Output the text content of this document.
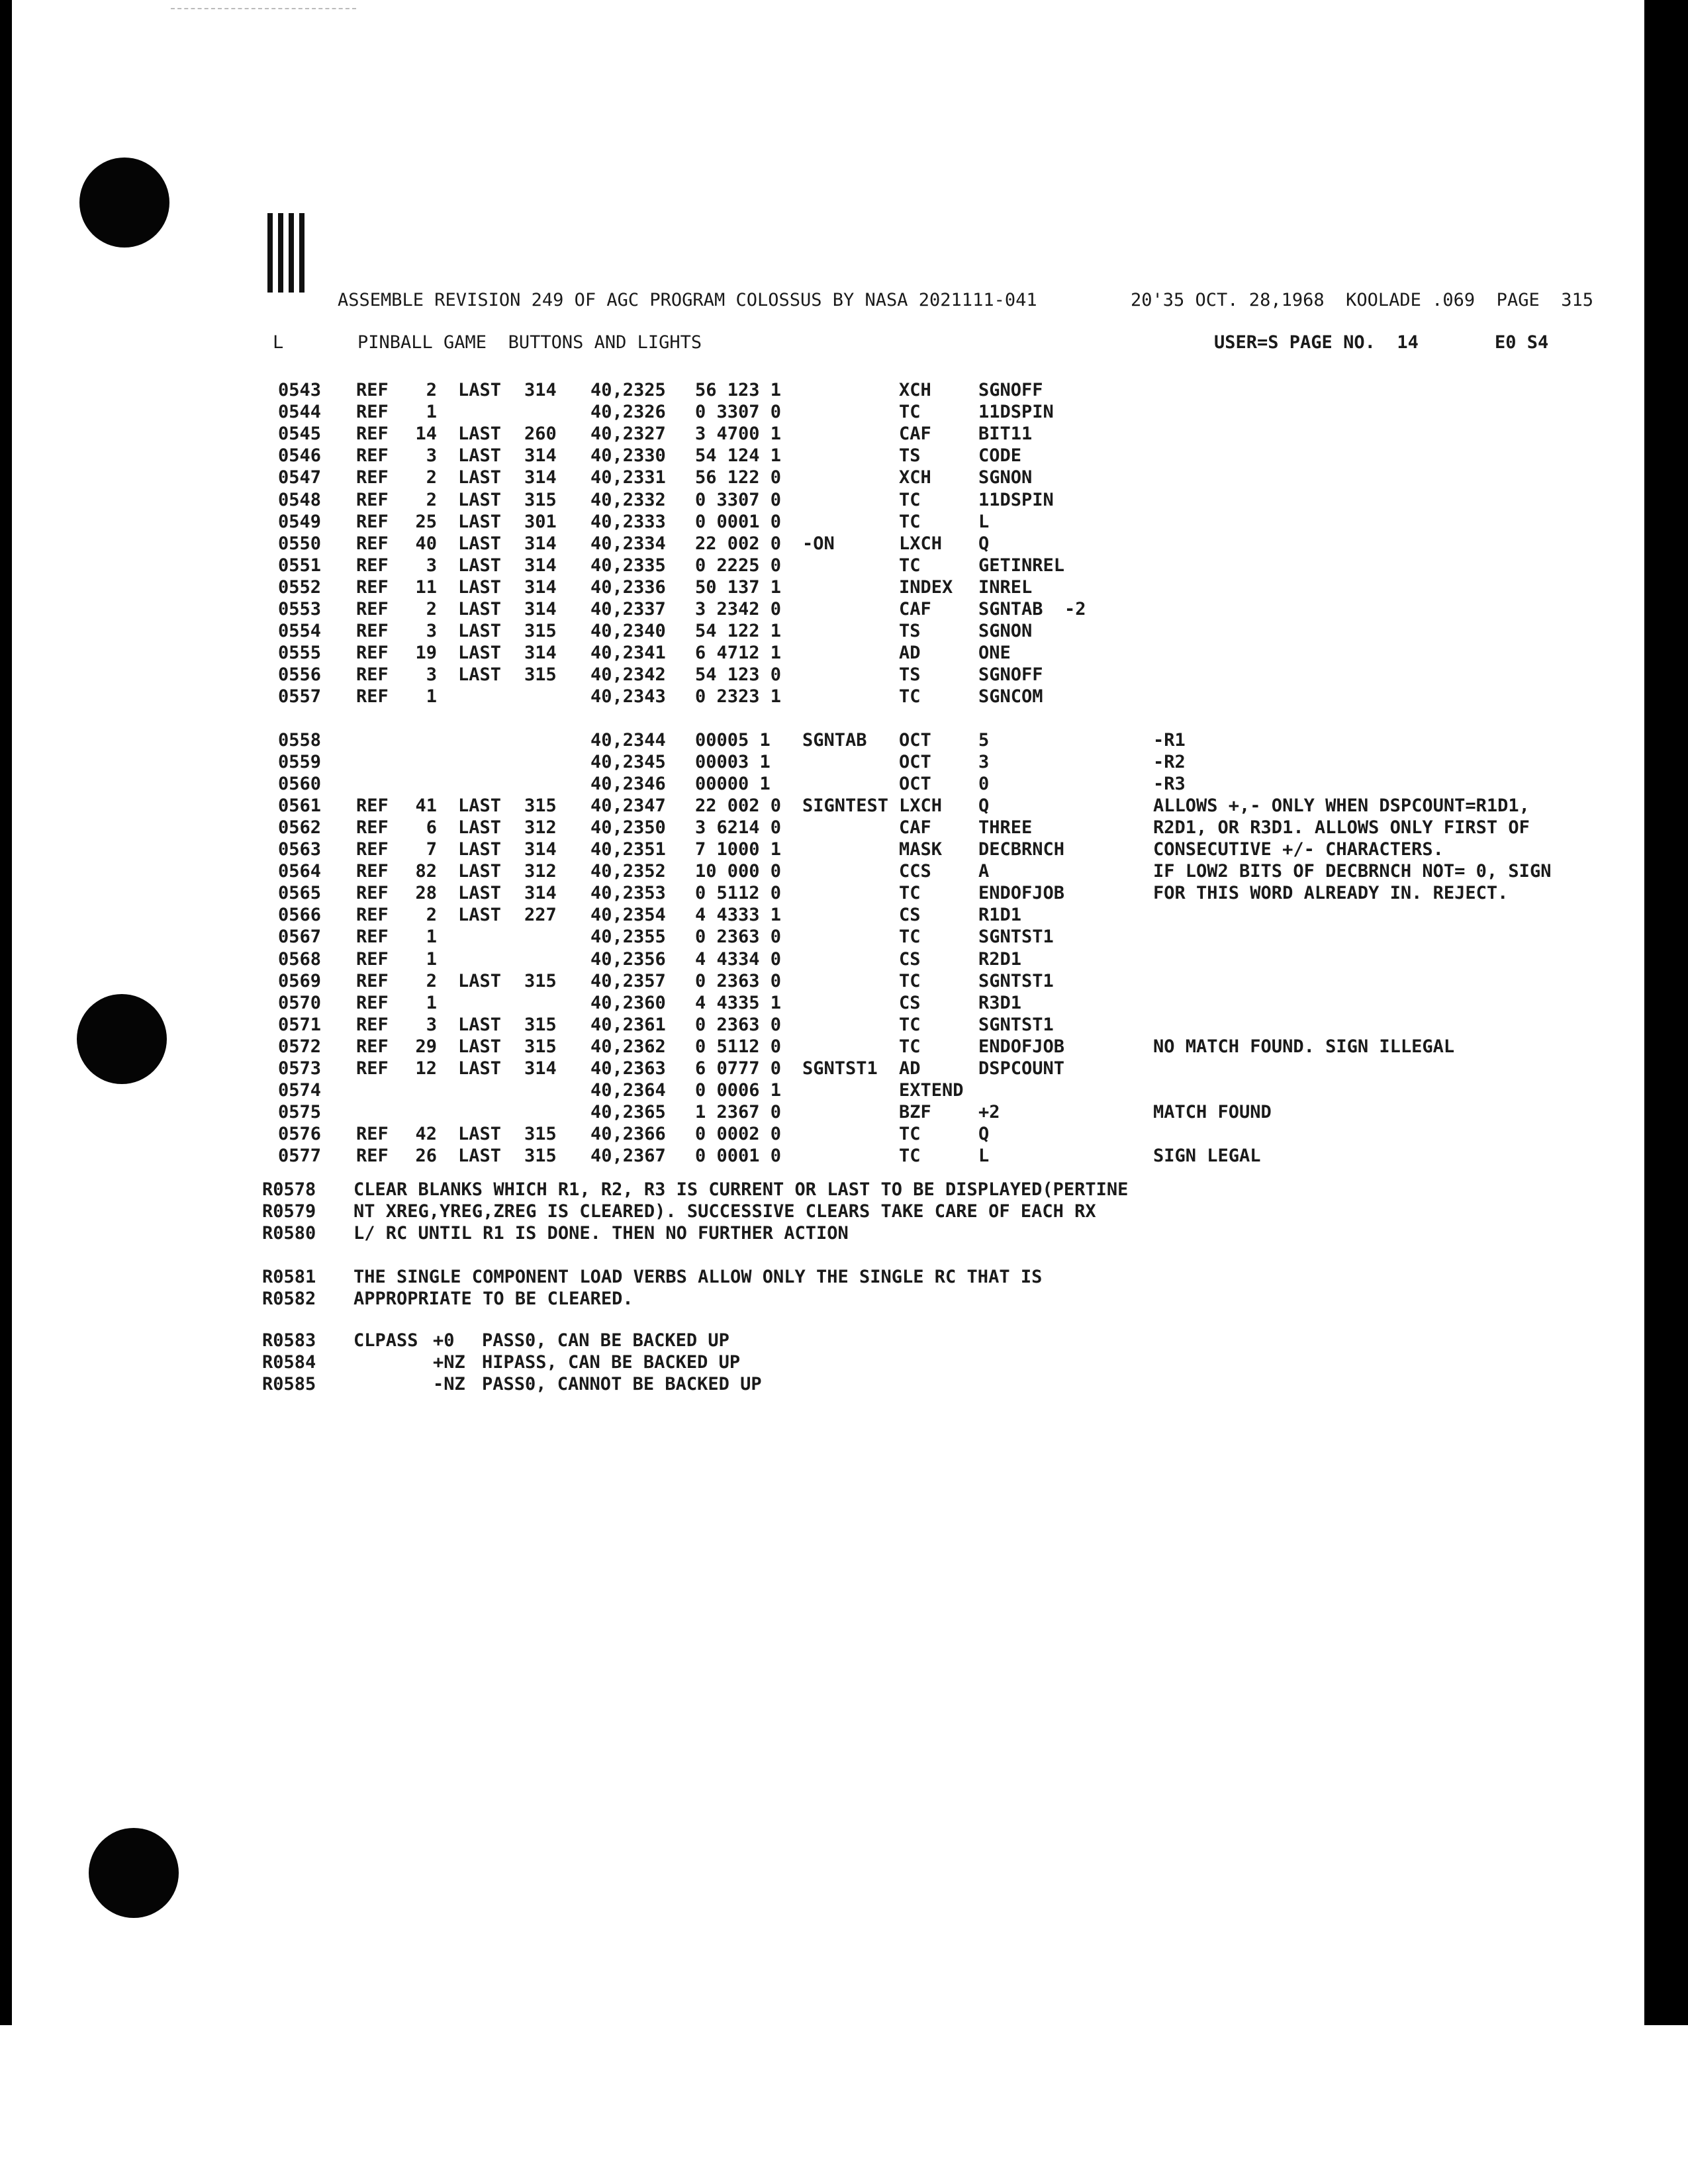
ASSEMBLE REVISION 249 OF AGC PROGRAM COLOSSUS BY NASA 2021111-041	20'35 OCT. 28,1968  KOOLADE .069  PAGE  315
L	PINBALL GAME  BUTTONS AND LIGHTS	USER=S PAGE NO.  14	E0 S4
0543 REF	2 LAST 314 40,2325 56 123 1	XCH	SGNOFF
0544 REF	1	40,2326 0 3307 0	TC	11DSPIN
0545 REF	14 LAST 260 40,2327 3 4700 1	CAF	BIT11
0546 REF	3 LAST 314 40,2330 54 124 1	TS	CODE
0547 REF	2 LAST 314 40,2331 56 122 0	XCH	SGNON
0548 REF	2 LAST 315 40,2332 0 3307 0	TC	11DSPIN
0549 REF	25 LAST 301 40,2333 0 0001 0	TC	L
0550 REF	40 LAST 314 40,2334 22 002 0 -ON	LXCH Q
0551 REF	3 LAST 314 40,2335 0 2225 0	TC	GETINREL
0552 REF	11 LAST 314 40,2336 50 137 1	INDEX INREL
0553 REF	2 LAST 314 40,2337 3 2342 0	CAF	SGNTAB  -2
0554 REF	3 LAST 315 40,2340 54 122 1	TS	SGNON
0555 REF	19 LAST 314 40,2341 6 4712 1	AD	ONE
0556 REF	3 LAST 315 40,2342 54 123 0	TS	SGNOFF
0557 REF	1	40,2343 0 2323 1	TC	SGNCOM
0558	40,2344 00005 1 SGNTAB OCT	5	-R1
0559	40,2345 00003 1	OCT	3	-R2
0560	40,2346 00000 1	OCT	0	-R3
0561 REF	41 LAST 315 40,2347 22 002 0 SIGNTEST LXCH Q	ALLOWS +,- ONLY WHEN DSPCOUNT=R1D1,
0562 REF	6 LAST 312 40,2350 3 6214 0	CAF	THREE	R2D1, OR R3D1. ALLOWS ONLY FIRST OF
0563 REF	7 LAST 314 40,2351 7 1000 1	MASK DECBRNCH	CONSECUTIVE +/- CHARACTERS.
0564 REF	82 LAST 312 40,2352 10 000 0	CCS	A	IF LOW2 BITS OF DECBRNCH NOT= 0, SIGN
0565 REF	28 LAST 314 40,2353 0 5112 0	TC	ENDOFJOB	FOR THIS WORD ALREADY IN. REJECT.
0566 REF	2 LAST 227 40,2354 4 4333 1	CS	R1D1
0567 REF	1	40,2355 0 2363 0	TC	SGNTST1
0568 REF	1	40,2356 4 4334 0	CS	R2D1
0569 REF	2 LAST 315 40,2357 0 2363 0	TC	SGNTST1
0570 REF	1	40,2360 4 4335 1	CS	R3D1
0571 REF	3 LAST 315 40,2361 0 2363 0	TC	SGNTST1
0572 REF	29 LAST 315 40,2362 0 5112 0	TC	ENDOFJOB	NO MATCH FOUND. SIGN ILLEGAL
0573 REF	12 LAST 314 40,2363 6 0777 0 SGNTST1 AD	DSPCOUNT
0574	40,2364 0 0006 1	EXTEND
0575	40,2365 1 2367 0	BZF	+2	MATCH FOUND
0576 REF	42 LAST 315 40,2366 0 0002 0	TC	Q
0577 REF	26 LAST 315 40,2367 0 0001 0	TC	L	SIGN LEGAL
R0578 CLEAR BLANKS WHICH R1, R2, R3 IS CURRENT OR LAST TO BE DISPLAYED(PERTINE
R0579 NT XREG,YREG,ZREG IS CLEARED). SUCCESSIVE CLEARS TAKE CARE OF EACH RX
R0580 L/ RC UNTIL R1 IS DONE. THEN NO FURTHER ACTION
R0581 THE SINGLE COMPONENT LOAD VERBS ALLOW ONLY THE SINGLE RC THAT IS
R0582 APPROPRIATE TO BE CLEARED.
R0583 CLPASS +0 PASS0, CAN BE BACKED UP
R0584	+NZ HIPASS, CAN BE BACKED UP
R0585	-NZ PASS0, CANNOT BE BACKED UP
